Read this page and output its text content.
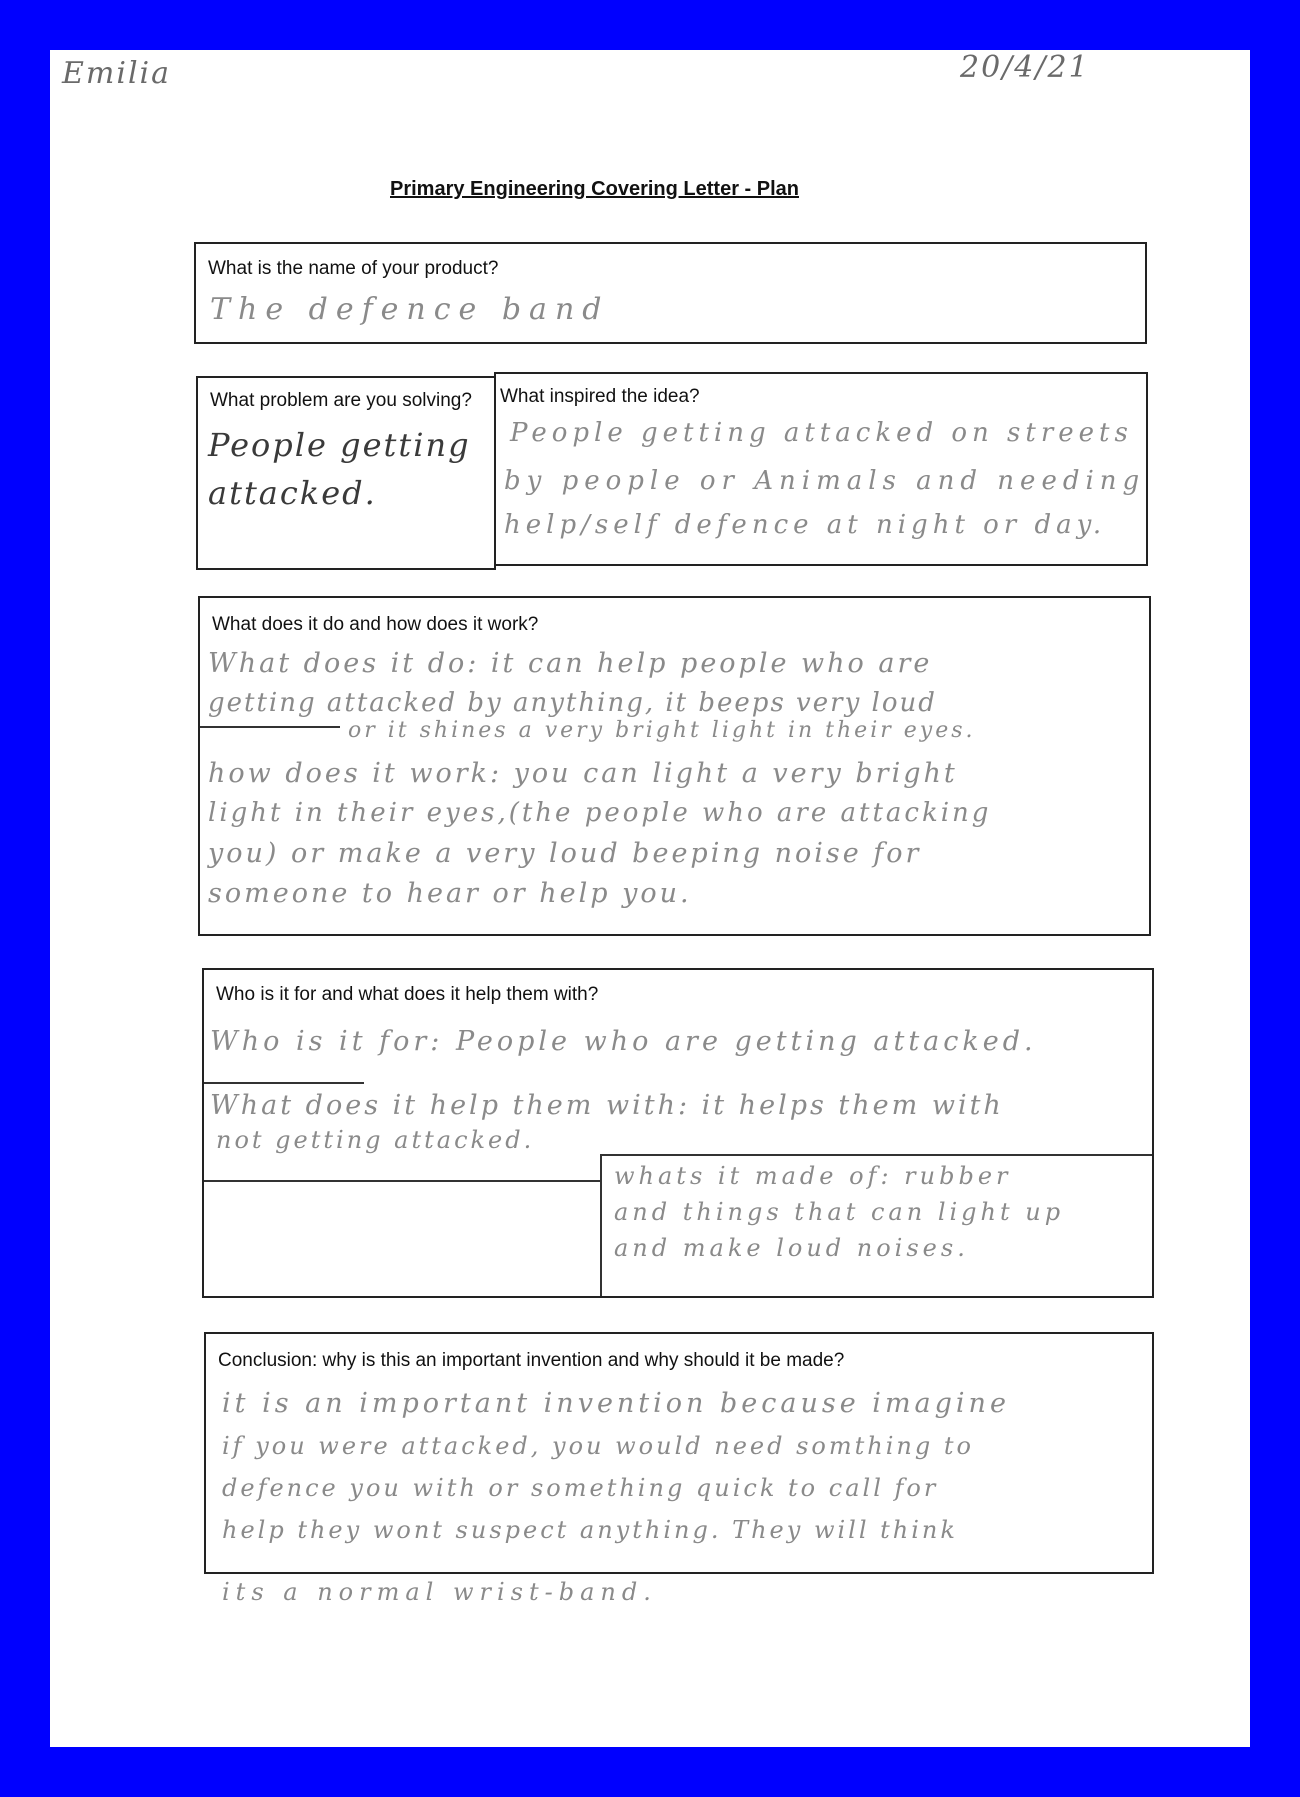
Emilia	20/4/21
Primary Engineering Covering Letter - Plan
What is the name of your product?
The defence band
What problem are you solving?
People getting
attacked.
What inspired the idea?
People getting attacked on streets
by people or Animals and needing
help/self defence at night or day.
What does it do and how does it work?
What does it do: it can help people who are
getting attacked by anything, it beeps very loud
or it shines a very bright light in their eyes.
how does it work: you can light a very bright
light in their eyes,(the people who are attacking
you) or make a very loud beeping noise for
someone to hear or help you.
Who is it for and what does it help them with?
Who is it for: People who are getting attacked.
What does it help them with: it helps them with
not getting attacked.
whats it made of: rubber
and things that can light up
and make loud noises.
Conclusion: why is this an important invention and why should it be made?
it is an important invention because imagine
if you were attacked, you would need somthing to
defence you with or something quick to call for
help they wont suspect anything. They will think
its a normal wrist-band.
